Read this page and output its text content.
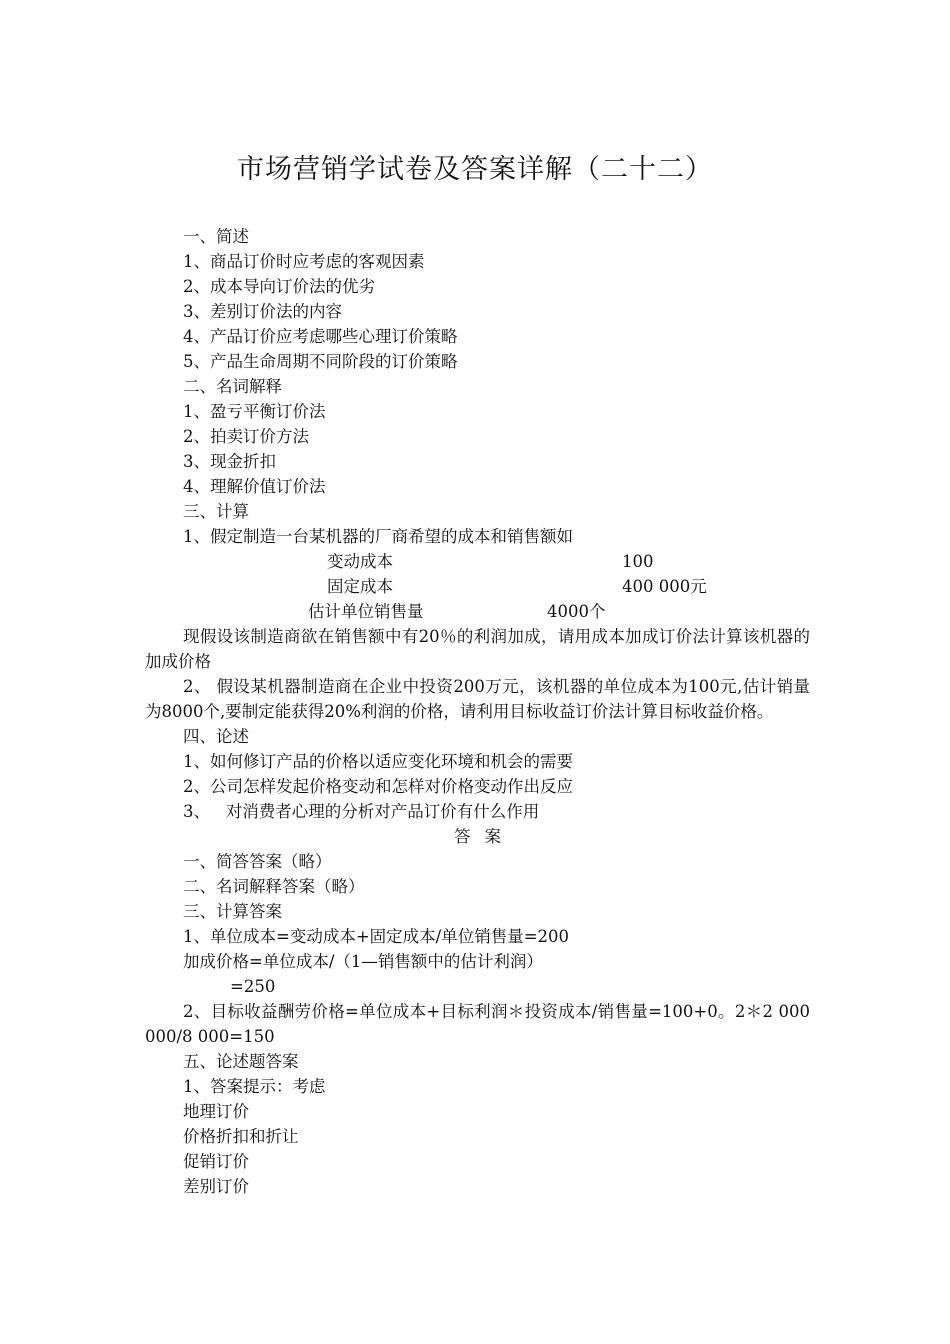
市场营销学试卷及答案详解（二十二）
一、简述
1、商品订价时应考虑的客观因素
2、成本导向订价法的优劣
3、差别订价法的内容
4、产品订价应考虑哪些心理订价策略
5、产品生命周期不同阶段的订价策略
二、名词解释
1、盈亏平衡订价法
2、拍卖订价方法
3、现金折扣
4、理解价值订价法
三、计算
1、假定制造一台某机器的厂商希望的成本和销售额如
变动成本	100
固定成本	400 000元
估计单位销售量	4000个
现假设该制造商欲在销售额中有20％的利润加成，请用成本加成订价法计算该机器的加成价格
2、 假设某机器制造商在企业中投资200万元，该机器的单位成本为100元,估计销量为8000个,要制定能获得20%利润的价格，请利用目标收益订价法计算目标收益价格。
四、论述
1、如何修订产品的价格以适应变化环境和机会的需要
2、公司怎样发起价格变动和怎样对价格变动作出反应
3、   对消费者心理的分析对产品订价有什么作用
答案
一、简答答案（略）
二、名词解释答案（略）
三、计算答案
1、单位成本=变动成本+固定成本/单位销售量=200
加成价格=单位成本/（1—销售额中的估计利润）
=250
2、目标收益酬劳价格=单位成本+目标利润＊投资成本/销售量=100+0。2＊2 000 000/8 000=150
五、论述题答案
1、答案提示：考虑
地理订价
价格折扣和折让
促销订价
差别订价
